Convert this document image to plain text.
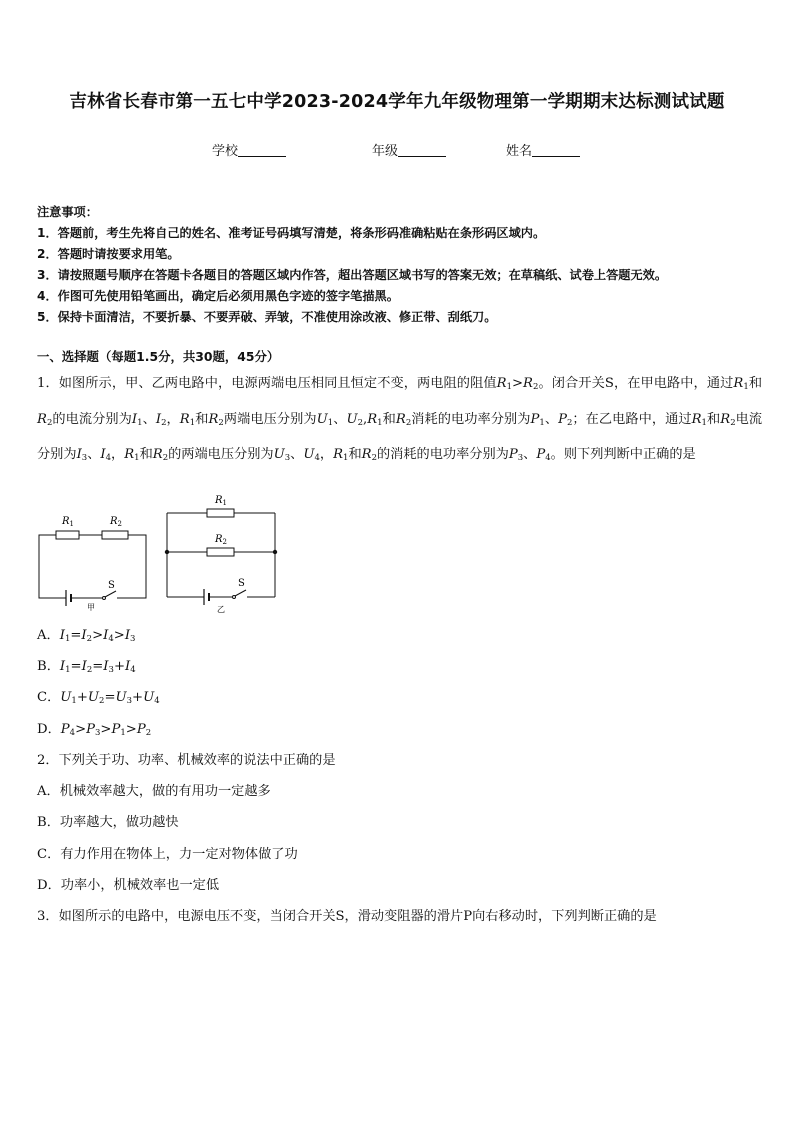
吉林省长春市第一五七中学2023-2024学年九年级物理第一学期期末达标测试试题
学校	年级	姓名
注意事项：
1．答题前，考生先将自己的姓名、准考证号码填写清楚，将条形码准确粘贴在条形码区域内。
2．答题时请按要求用笔。
3．请按照题号顺序在答题卡各题目的答题区域内作答，超出答题区域书写的答案无效；在草稿纸、试卷上答题无效。
4．作图可先使用铅笔画出，确定后必须用黑色字迹的签字笔描黑。
5．保持卡面清洁，不要折暴、不要弄破、弄皱，不准使用涂改液、修正带、刮纸刀。
一、选择题（每题1.5分，共30题，45分）
1．如图所示，甲、乙两电路中，电源两端电压相同且恒定不变，两电阻的阻值$R_1>R_2$。闭合开关S，在甲电路中，通过$R_1$和$R_2$的电流分别为$I_1$、$I_2$，$R_1$和$R_2$两端电压分别为$U_1$、$U_2,R_1$和$R_2$消耗的电功率分别为$P_1$、$P_2$；在乙电路中，通过$R_1$和$R_2$电流分别为$I_3$、$I_4$，$R_1$和$R_2$的两端电压分别为$U_3$、$U_4$，$R_1$和$R_2$的消耗的电功率分别为$P_3$、$P_4$。则下列判断中正确的是
$R_1$	$R_2$
S
甲
$R_1$
$R_2$
S
乙
A．$I_1=I_2>I_4>I_3$
B．$I_1=I_2=I_3+I_4$
C．$U_1+U_2=U_3+U_4$
D．$P_4>P_3>P_1>P_2$
2．下列关于功、功率、机械效率的说法中正确的是
A．机械效率越大，做的有用功一定越多
B．功率越大，做功越快
C．有力作用在物体上，力一定对物体做了功
D．功率小，机械效率也一定低
3．如图所示的电路中，电源电压不变，当闭合开关S，滑动变阻器的滑片P向右移动时，下列判断正确的是
